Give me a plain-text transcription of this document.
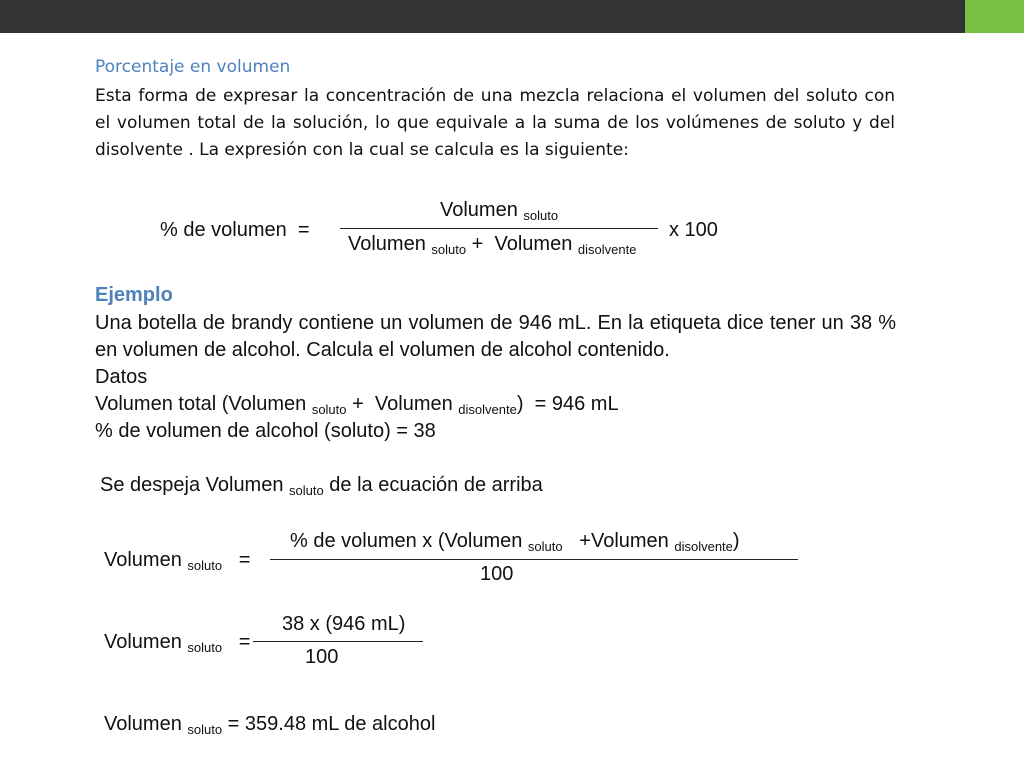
Porcentaje en volumen
Esta forma de expresar la concentración de una mezcla relaciona el volumen del soluto con el volumen total de la solución, lo que equivale a la suma de los volúmenes de soluto y del disolvente . La expresión con la cual se calcula es la siguiente:
% de volumen =
Volumen $_{soluto}$
Volumen $_{soluto}$ + Volumen $_{disolvente}$
x 100
Ejemplo
Una botella de brandy contiene un volumen de 946 mL. En la etiqueta dice tener un 38 % en volumen de alcohol. Calcula el volumen de alcohol contenido.
Datos
Volumen total (Volumen $_{soluto}$ + Volumen $_{disolvente}$) = 946 mL
% de volumen de alcohol (soluto) = 38
Se despeja Volumen $_{soluto}$ de la ecuación de arriba
Volumen $_{soluto}$ =
% de volumen x (Volumen $_{soluto}$ +Volumen $_{disolvente}$)
100
Volumen $_{soluto}$ =
38 x (946 mL)
100
Volumen $_{soluto}$ = 359.48 mL de alcohol
